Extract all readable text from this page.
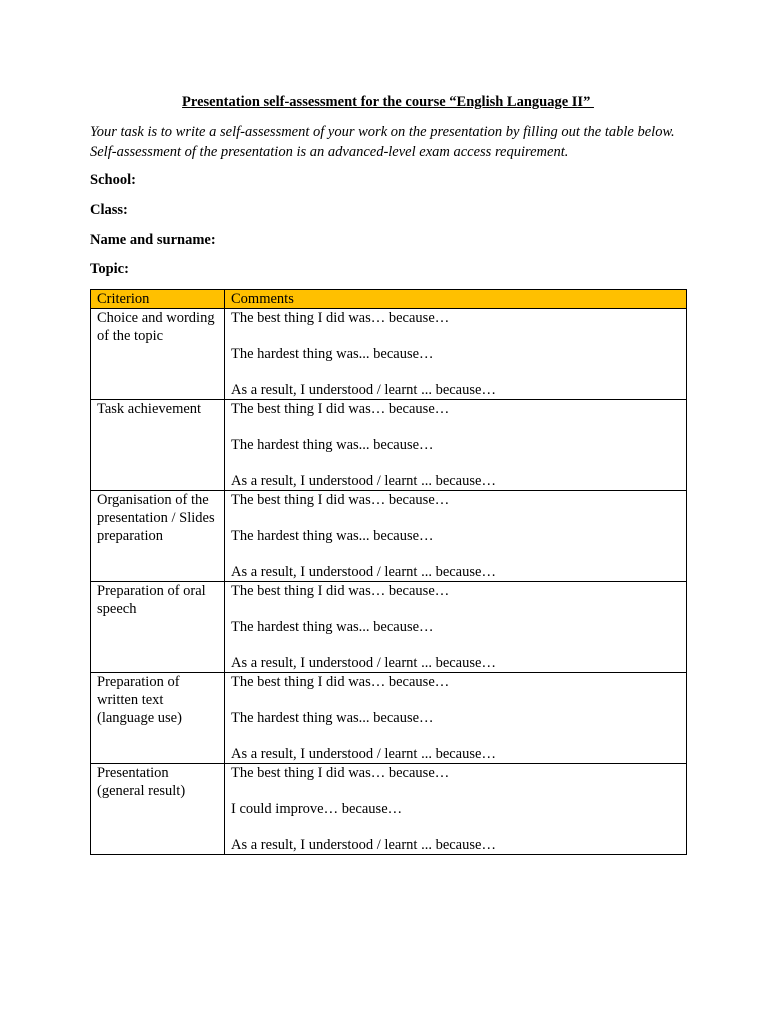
Presentation self-assessment for the course “English Language II”
Your task is to write a self-assessment of your work on the presentation by filling out the table below. Self-assessment of the presentation is an advanced-level exam access requirement.
School:
Class:
Name and surname:
Topic:
Criterion	Comments
Choice and wording of the topic	The best thing I did was… because…

The hardest thing was... because…

As a result, I understood / learnt ... because…

Task achievement	The best thing I did was… because…

The hardest thing was... because…

As a result, I understood / learnt ... because…

Organisation of the presentation / Slides preparation	The best thing I did was… because…

The hardest thing was... because…

As a result, I understood / learnt ... because…

Preparation of oral speech	The best thing I did was… because…

The hardest thing was... because…

As a result, I understood / learnt ... because…

Preparation of written text (language use)	The best thing I did was… because…

The hardest thing was... because…

As a result, I understood / learnt ... because…

Presentation (general result)	The best thing I did was… because…

I could improve… because…

As a result, I understood / learnt ... because…
